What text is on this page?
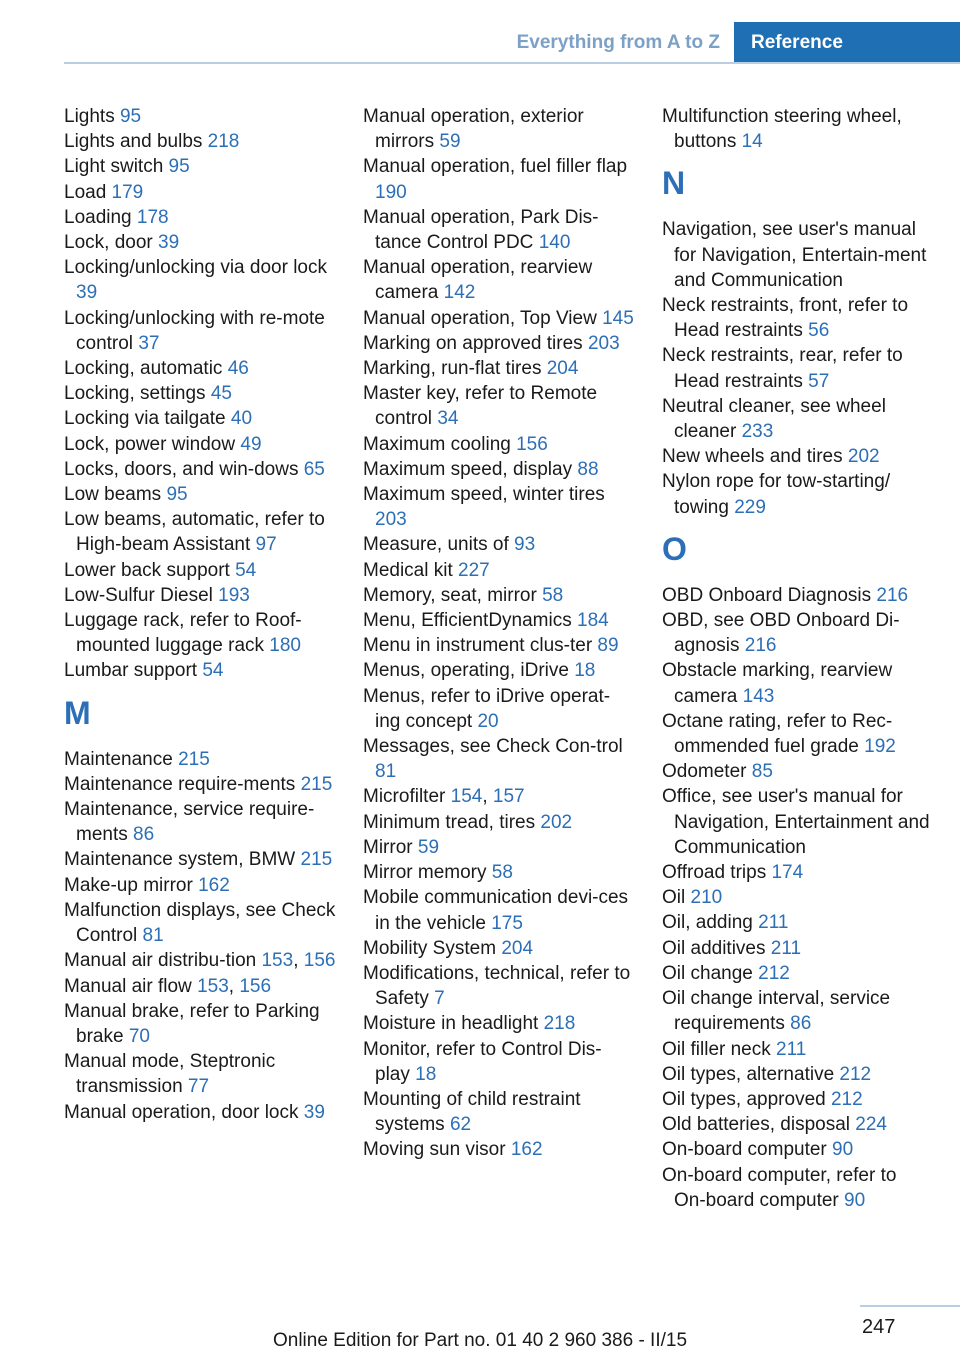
Everything from A to Z	Reference
Lights 95
Lights and bulbs 218
Light switch 95
Load 179
Loading 178
Lock, door 39
Locking/unlocking via door lock 39
Locking/unlocking with re-mote control 37
Locking, automatic 46
Locking, settings 45
Locking via tailgate 40
Lock, power window 49
Locks, doors, and win-dows 65
Low beams 95
Low beams, automatic, refer to High-beam Assistant 97
Lower back support 54
Low-Sulfur Diesel 193
Luggage rack, refer to Roof-mounted luggage rack 180
Lumbar support 54
M
Maintenance 215
Maintenance require-ments 215
Maintenance, service require-ments 86
Maintenance system, BMW 215
Make-up mirror 162
Malfunction displays, see Check Control 81
Manual air distribu-tion 153, 156
Manual air flow 153, 156
Manual brake, refer to Parking brake 70
Manual mode, Steptronic transmission 77
Manual operation, door lock 39
Manual operation, exterior mirrors 59
Manual operation, fuel filler flap 190
Manual operation, Park Dis-tance Control PDC 140
Manual operation, rearview camera 142
Manual operation, Top View 145
Marking on approved tires 203
Marking, run-flat tires 204
Master key, refer to Remote control 34
Maximum cooling 156
Maximum speed, display 88
Maximum speed, winter tires 203
Measure, units of 93
Medical kit 227
Memory, seat, mirror 58
Menu, EfficientDynamics 184
Menu in instrument clus-ter 89
Menus, operating, iDrive 18
Menus, refer to iDrive operat-ing concept 20
Messages, see Check Con-trol 81
Microfilter 154, 157
Minimum tread, tires 202
Mirror 59
Mirror memory 58
Mobile communication devi-ces in the vehicle 175
Mobility System 204
Modifications, technical, refer to Safety 7
Moisture in headlight 218
Monitor, refer to Control Dis-play 18
Mounting of child restraint systems 62
Moving sun visor 162
Multifunction steering wheel, buttons 14
N
Navigation, see user's manual for Navigation, Entertain-ment and Communication
Neck restraints, front, refer to Head restraints 56
Neck restraints, rear, refer to Head restraints 57
Neutral cleaner, see wheel cleaner 233
New wheels and tires 202
Nylon rope for tow-starting/ towing 229
O
OBD Onboard Diagnosis 216
OBD, see OBD Onboard Di-agnosis 216
Obstacle marking, rearview camera 143
Octane rating, refer to Rec-ommended fuel grade 192
Odometer 85
Office, see user's manual for Navigation, Entertainment and Communication
Offroad trips 174
Oil 210
Oil, adding 211
Oil additives 211
Oil change 212
Oil change interval, service requirements 86
Oil filler neck 211
Oil types, alternative 212
Oil types, approved 212
Old batteries, disposal 224
On-board computer 90
On-board computer, refer to On-board computer 90
247
Online Edition for Part no. 01 40 2 960 386 - II/15
